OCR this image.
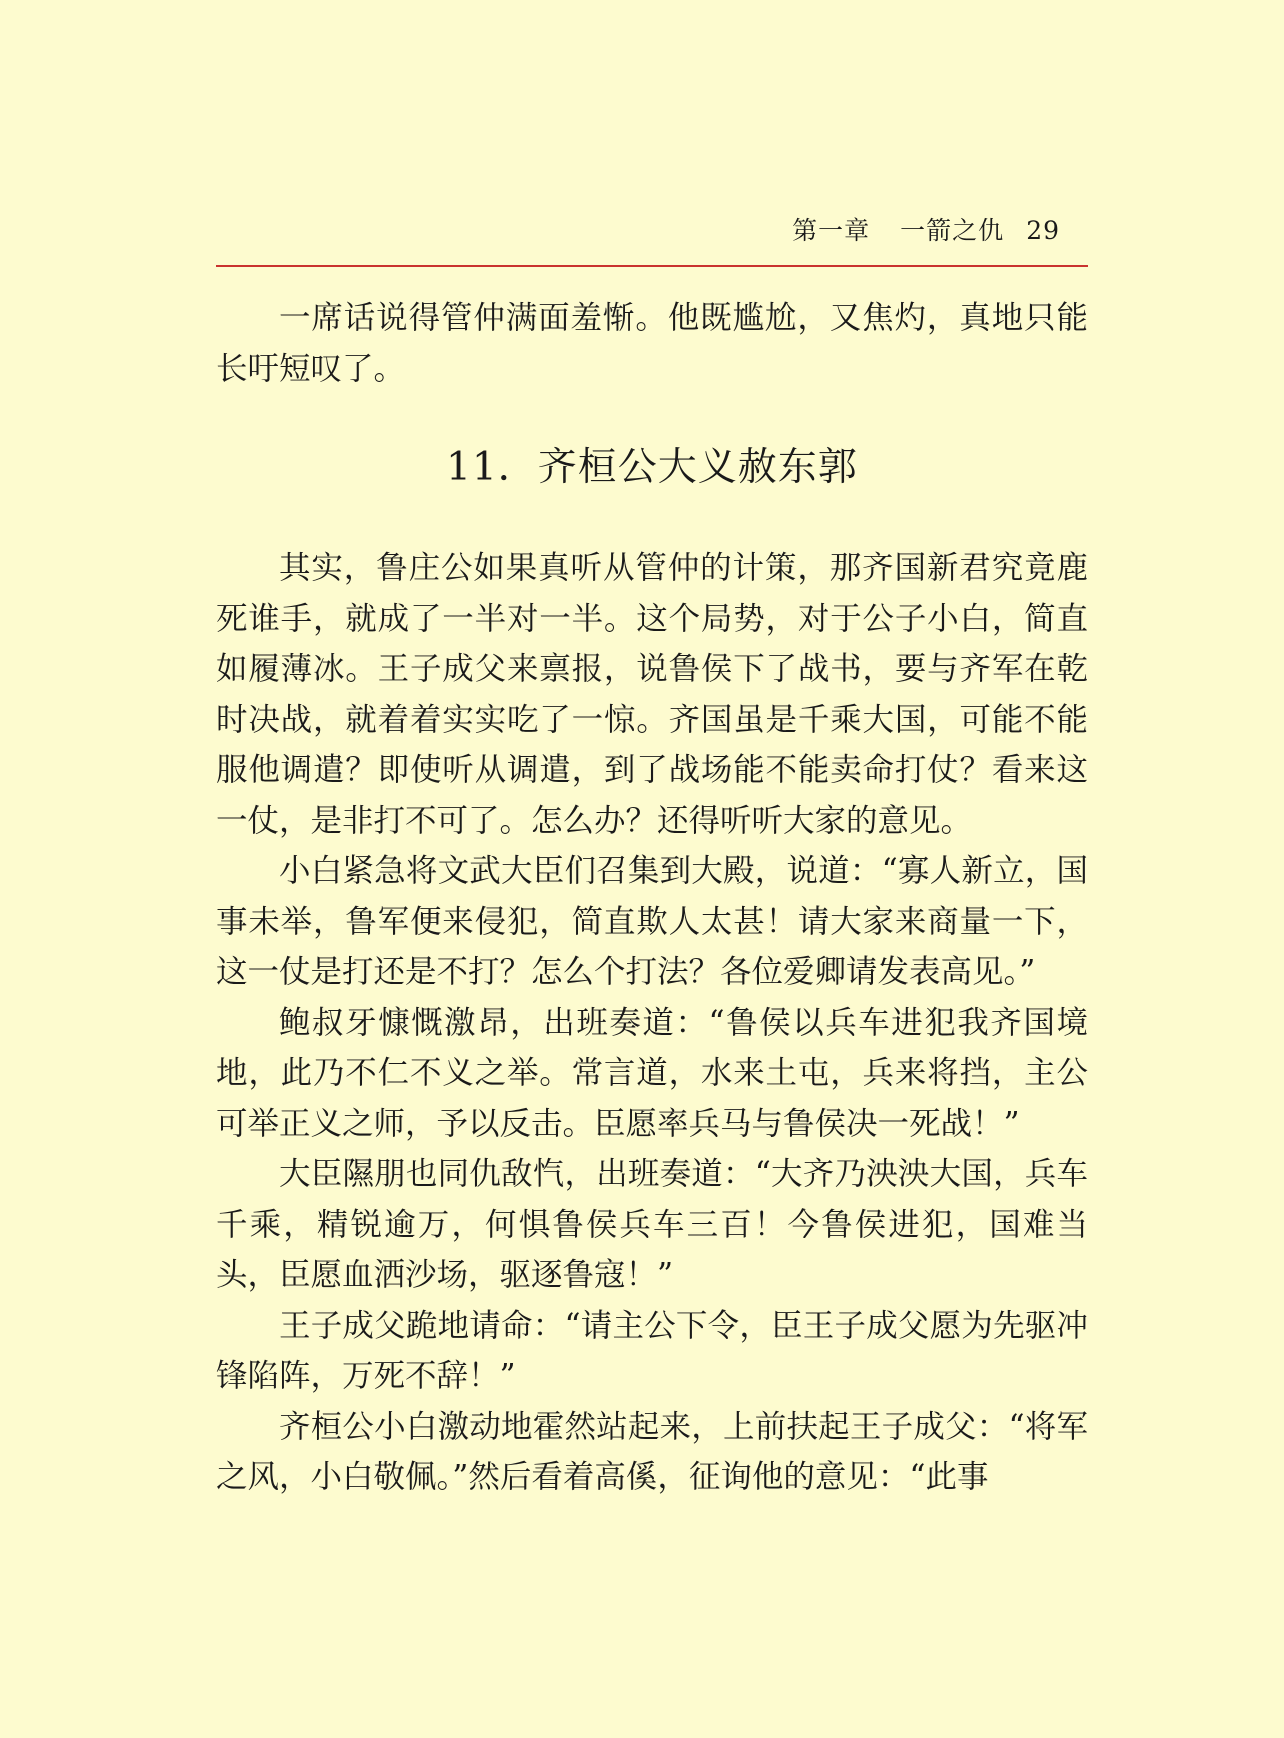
第一章 一箭之仇 29

一席话说得管仲满面羞惭。他既尴尬，又焦灼，真地只能长吁短叹了。

11．齐桓公大义赦东郭

其实，鲁庄公如果真听从管仲的计策，那齐国新君究竟鹿死谁手，就成了一半对一半。这个局势，对于公子小白，简直如履薄冰。王子成父来禀报，说鲁侯下了战书，要与齐军在乾时决战，就着着实实吃了一惊。齐国虽是千乘大国，可能不能服他调遣？即使听从调遣，到了战场能不能卖命打仗？看来这一仗，是非打不可了。怎么办？还得听听大家的意见。

小白紧急将文武大臣们召集到大殿，说道：“寡人新立，国事未举，鲁军便来侵犯，简直欺人太甚！请大家来商量一下，这一仗是打还是不打？怎么个打法？各位爱卿请发表高见。”

鲍叔牙慷慨激昂，出班奏道：“鲁侯以兵车进犯我齐国境地，此乃不仁不义之举。常言道，水来土屯，兵来将挡，主公可举正义之师，予以反击。臣愿率兵马与鲁侯决一死战！”

大臣隰朋也同仇敌忾，出班奏道：“大齐乃泱泱大国，兵车千乘，精锐逾万，何惧鲁侯兵车三百！今鲁侯进犯，国难当头，臣愿血洒沙场，驱逐鲁寇！”

王子成父跪地请命：“请主公下令，臣王子成父愿为先驱冲锋陷阵，万死不辞！”

齐桓公小白激动地霍然站起来，上前扶起王子成父：“将军之风，小白敬佩。”然后看着高傒，征询他的意见：“此事
